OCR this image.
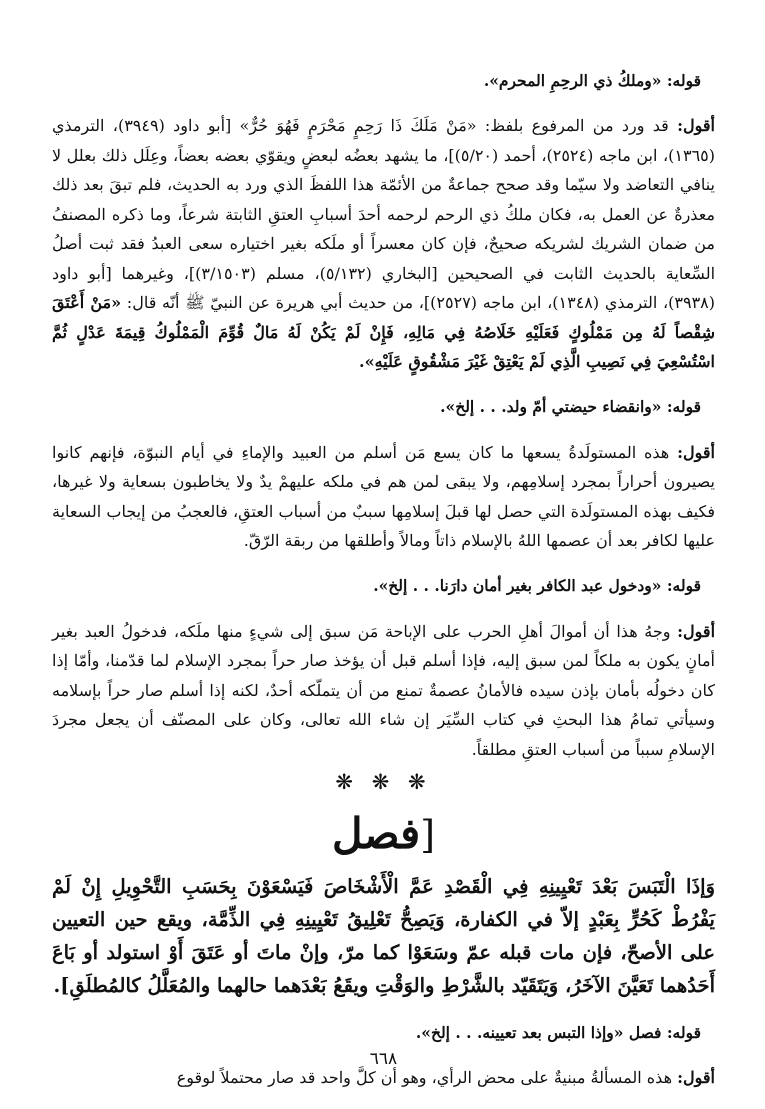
قوله: «وملكُ ذي الرحِمِ المحرم».

أقول: قد ورد من المرفوع بلفظ: «مَنْ مَلَكَ ذَا رَحِمٍ مَحْرَمٍ فَهُوَ حُرٌّ» [أبو داود (٣٩٤٩)، الترمذي (١٣٦٥)، ابن ماجه (٢٥٢٤)، أحمد (٥/٢٠)]، ما يشهد بعضُه لبعضٍ ويقوّي بعضه بعضاً، وعِلَل ذلك بعلل لا ينافي التعاضد ولا سيّما وقد صحح جماعةٌ من الأئمّة هذا اللفظَ الذي ورد به الحديث، فلم تبقَ بعد ذلك معذرةٌ عن العمل به، فكان ملكُ ذي الرحم لرحمه أحدَ أسبابِ العتقِ الثابتة شرعاً، وما ذكره المصنفُ من ضمان الشريك لشريكه صحيحٌ، فإن كان معسراً أو ملَكه بغير اختياره سعى العبدُ فقد ثبت أصلُ السِّعاية بالحديث الثابت في الصحيحين [البخاري (٥/١٣٢)، مسلم (٣/١٥٠٣)]، وغيرهما [أبو داود (٣٩٣٨)، الترمذي (١٣٤٨)، ابن ماجه (٢٥٢٧)]، من حديث أبي هريرة عن النبيّ ﷺ أنّه قال: «مَنْ أَعْتَقَ شِقْصاً لَهُ مِن مَمْلُوكٍ فَعَلَيْهِ خَلَاصُهُ فِي مَالِهِ، فَإِنْ لَمْ يَكُنْ لَهُ مَالٌ قُوِّمَ الْمَمْلُوكُ قِيمَةَ عَدْلٍ ثُمَّ اسْتُسْعِيَ فِي نَصِيبِ الَّذِي لَمْ يَعْتِقْ غَيْرَ مَشْقُوقٍ عَلَيْهِ».

قوله: «وانقضاء حيضتي أمّ ولد. . . إلخ».

أقول: هذه المستولَدةُ يسعها ما كان يسع مَن أسلم من العبيد والإماءِ في أيام النبوّة، فإنهم كانوا يصيرون أحراراً بمجرد إسلامِهم، ولا يبقى لمن هم في ملكه عليهمْ يدٌ ولا يخاطبون بسعاية ولا غيرها، فكيف بهذه المستولَدة التي حصل لها قبلَ إسلامِها سببٌ من أسباب العتقِ، فالعجبُ من إيجاب السعاية عليها لكافر بعد أن عصمها اللهُ بالإسلام ذاتاً ومالاً وأطلقها من ربقة الرّقّ.

قوله: «ودخول عبد الكافر بغير أمان دارَنا. . . إلخ».

أقول: وجهُ هذا أن أموالَ أهلِ الحرب على الإباحة مَن سبق إلى شيءٍ منها ملَكه، فدخولُ العبد بغير أمانٍ يكون به ملكاً لمن سبق إليه، فإذا أسلم قبل أن يؤخذ صار حراً بمجرد الإسلام لما قدّمنا، وأمّا إذا كان دخولُه بأمان بإذن سيده فالأمانُ عصمةٌ تمنع من أن يتملّكه أحدٌ، لكنه إذا أسلم صار حراً بإسلامه وسيأتي تمامُ هذا البحثِ في كتاب السِّيَر إن شاء الله تعالى، وكان على المصنّف أن يجعل مجردَ الإسلامِ سبباً من أسباب العتقِ مطلقاً.

❋ ❋ ❋
[فصل

وَإذَا الْتَبَسَ بَعْدَ تَعْيِينِهِ فِي الْقَصْدِ عَمَّ الْأَشْخَاصَ فَيَسْعَوْنَ بِحَسَبِ التَّحْوِيلِ إِنْ لَمْ يَفْرُطْ كَحُرٍّ بِعَبْدٍ إلاّ في الكفارة، وَيَصِحُّ تَعْلِيقُ تَعْيِينِهِ فِي الذِّمَّة، ويقع حين التعيين على الأصحّ، فإن مات قبله عمّ وسَعَوْا كما مرّ، وإنْ ماتَ أو عَتَقَ أَوْ استولد أو بَاعَ أَحَدُهما تَعَيَّنَ الآخَرُ، وَيَتَقَيّد بالشَّرْطِ والوَقْتِ ويقَعُ بَعْدَهما حالهما والمُعَلَّلُ كالمُطلَقِ].

قوله: فصل «وإذا التبس بعد تعيينه. . . إلخ».

أقول: هذه المسألةُ مبنيةٌ على محض الرأي، وهو أن كلَّ واحد قد صار محتملاً لوقوع

٦٦٨
